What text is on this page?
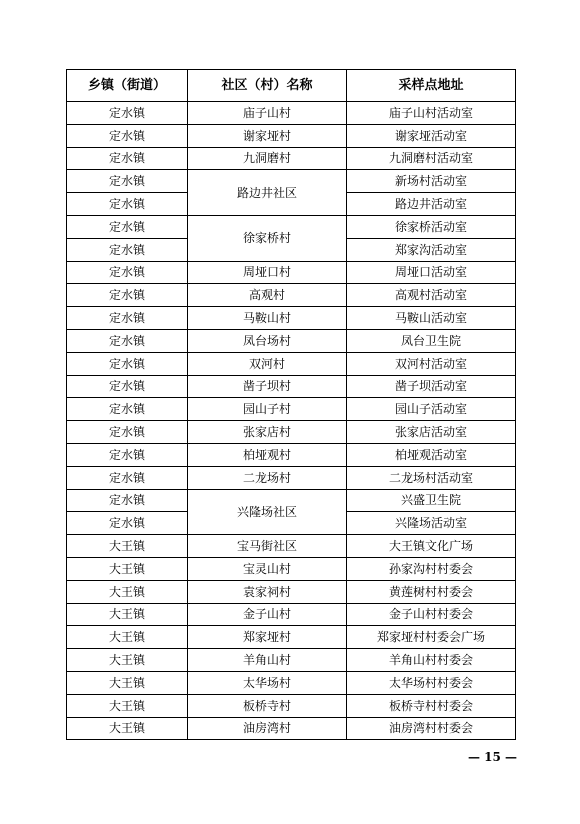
乡镇（街道）	社区（村）名称	采样点地址
定水镇	庙子山村	庙子山村活动室
定水镇	谢家垭村	谢家垭活动室
定水镇	九洞磨村	九洞磨村活动室
定水镇	路边井社区	新场村活动室
定水镇		路边井活动室
定水镇	徐家桥村	徐家桥活动室
定水镇		郑家沟活动室
定水镇	周垭口村	周垭口活动室
定水镇	高观村	高观村活动室
定水镇	马鞍山村	马鞍山活动室
定水镇	凤台场村	凤台卫生院
定水镇	双河村	双河村活动室
定水镇	凿子坝村	凿子坝活动室
定水镇	园山子村	园山子活动室
定水镇	张家店村	张家店活动室
定水镇	柏垭观村	柏垭观活动室
定水镇	二龙场村	二龙场村活动室
定水镇	兴隆场社区	兴盛卫生院
定水镇		兴隆场活动室
大王镇	宝马街社区	大王镇文化广场
大王镇	宝灵山村	孙家沟村村委会
大王镇	袁家祠村	黄莲树村村委会
大王镇	金子山村	金子山村村委会
大王镇	郑家垭村	郑家垭村村委会广场
大王镇	羊角山村	羊角山村村委会
大王镇	太华场村	太华场村村委会
大王镇	板桥寺村	板桥寺村村委会
大王镇	油房湾村	油房湾村村委会
— 15 —
